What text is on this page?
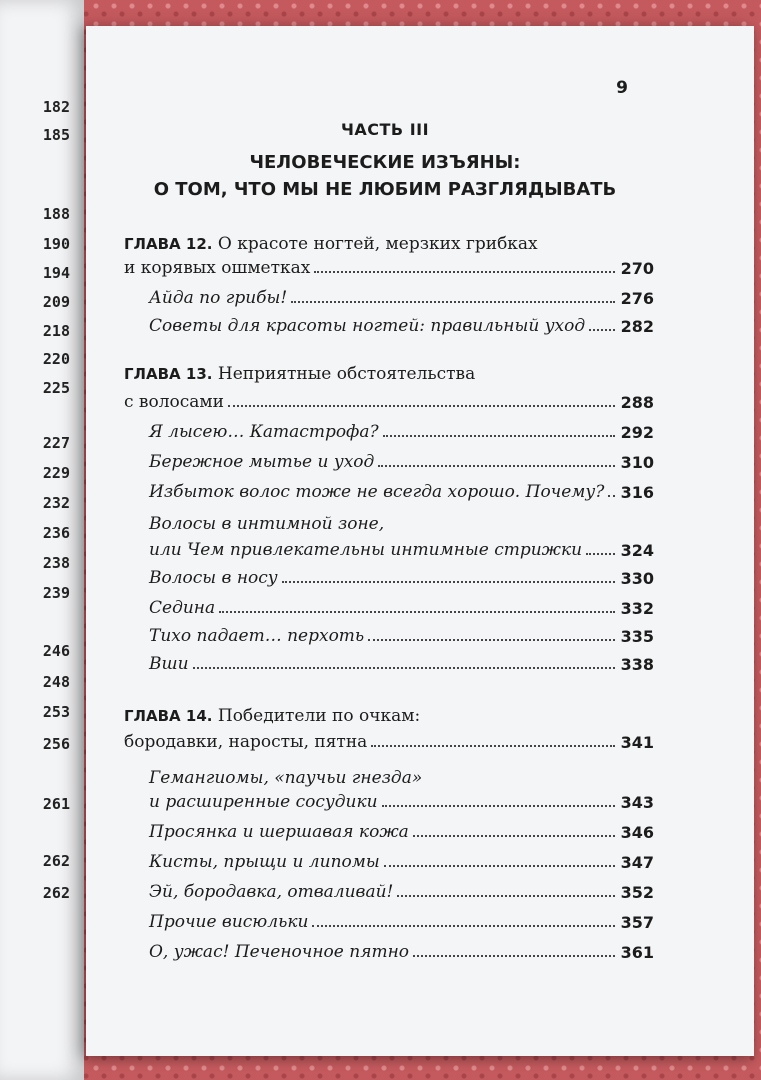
182
185
188
190
194
209
218
220
225
227
229
232
236
238
239
246
248
253
256
261
262
262
9
ЧАСТЬ III
ЧЕЛОВЕЧЕСКИЕ ИЗЪЯНЫ:
О ТОМ, ЧТО МЫ НЕ ЛЮБИМ РАЗГЛЯДЫВАТЬ
ГЛАВА 12. О красоте ногтей, мерзких грибках
и корявых ошметках	270
Айда по грибы!	276
Советы для красоты ногтей: правильный уход 282
ГЛАВА 13. Неприятные обстоятельства
с волосами	288
Я лысею… Катастрофа?	292
Бережное мытье и уход	310
Избыток волос тоже не всегда хорошо. Почему? 316
Волосы в интимной зоне,
или Чем привлекательны интимные стрижки 324
Волосы в носу	330
Седина	332
Тихо падает… перхоть	335
Вши	338
ГЛАВА 14. Победители по очкам:
бородавки, наросты, пятна	341
Гемангиомы, «паучьи гнезда»
и расширенные сосудики	343
Просянка и шершавая кожа	346
Кисты, прыщи и липомы	347
Эй, бородавка, отваливай!	352
Прочие висюльки	357
О, ужас! Печеночное пятно	361
